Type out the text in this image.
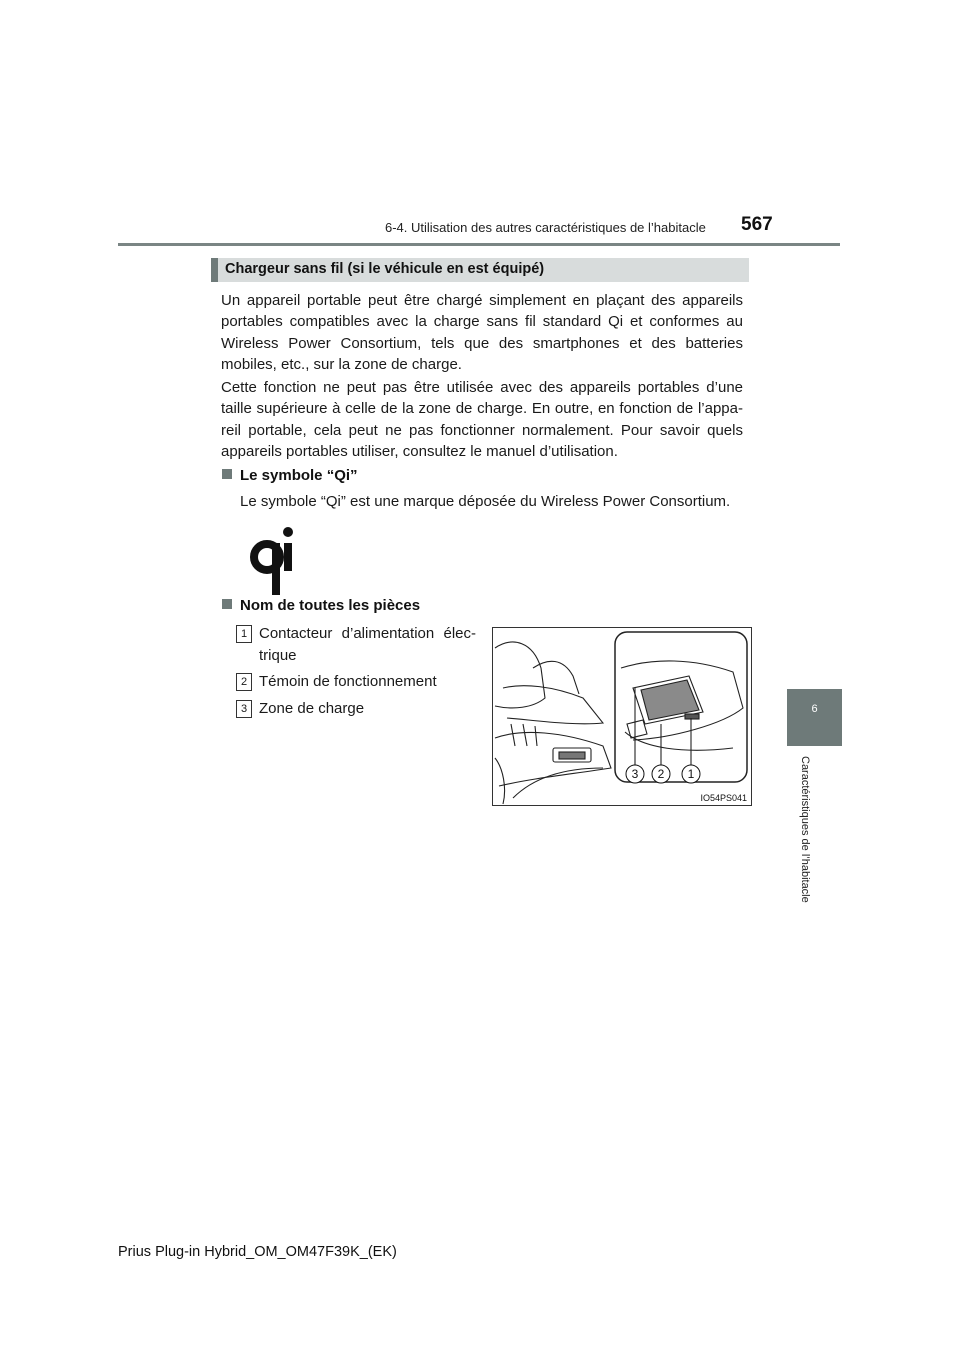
6-4. Utilisation des autres caractéristiques de l’habitacle 567
6
Caractéristiques de l’habitacle
Chargeur sans fil (si le véhicule en est équipé)
Un appareil portable peut être chargé simplement en plaçant des appareils portables compatibles avec la charge sans fil standard Qi et conformes au Wireless Power Consortium, tels que des smartphones et des batteries mobiles, etc., sur la zone de charge.
Cette fonction ne peut pas être utilisée avec des appareils portables d’une taille supérieure à celle de la zone de charge. En outre, en fonction de l’appa-reil portable, cela peut ne pas fonctionner normalement. Pour savoir quels appareils portables utiliser, consultez le manuel d’utilisation.
Le symbole “Qi”
Le symbole “Qi” est une marque déposée du Wireless Power Consortium.
Nom de toutes les pièces
1 Contacteur d’alimentation élec-trique
2 Témoin de fonctionnement
3 Zone de charge
3 2 1
IO54PS041
Prius Plug-in Hybrid_OM_OM47F39K_(EK)
